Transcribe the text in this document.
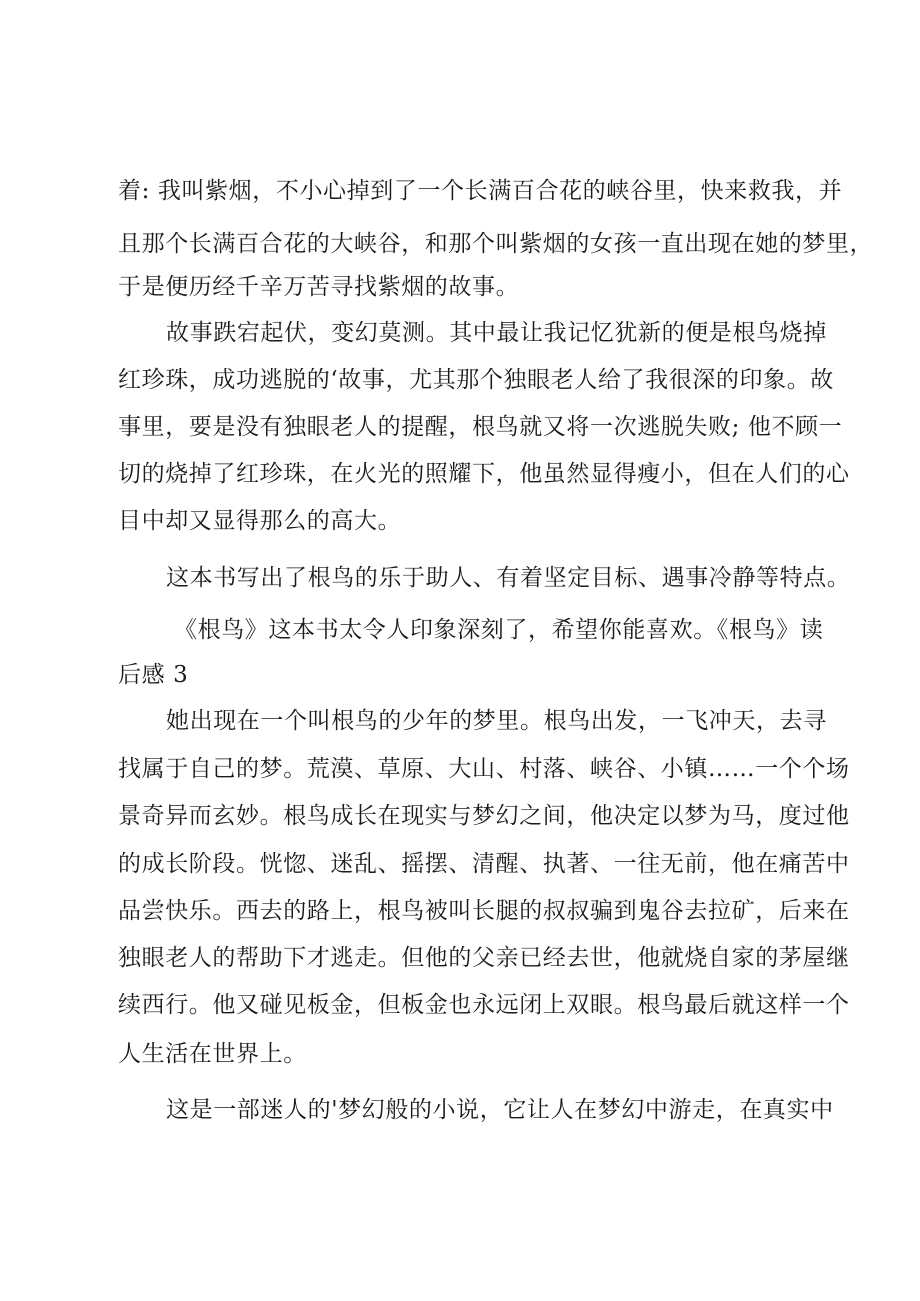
着: 我叫紫烟，不小心掉到了一个长满百合花的峡谷里，快来救我，并

且那个长满百合花的大峡谷，和那个叫紫烟的女孩一直出现在她的梦里，

于是便历经千辛万苦寻找紫烟的故事。

故事跌宕起伏，变幻莫测。其中最让我记忆犹新的便是根鸟烧掉

红珍珠，成功逃脱的‘故事，尤其那个独眼老人给了我很深的印象。故

事里，要是没有独眼老人的提醒，根鸟就又将一次逃脱失败; 他不顾一

切的烧掉了红珍珠，在火光的照耀下，他虽然显得瘦小，但在人们的心

目中却又显得那么的高大。

这本书写出了根鸟的乐于助人、有着坚定目标、遇事冷静等特点。

《根鸟》这本书太令人印象深刻了，希望你能喜欢。《根鸟》读

后感 3

她出现在一个叫根鸟的少年的梦里。根鸟出发，一飞冲天，去寻

找属于自己的梦。荒漠、草原、大山、村落、峡谷、小镇……一个个场

景奇异而玄妙。根鸟成长在现实与梦幻之间，他决定以梦为马，度过他

的成长阶段。恍惚、迷乱、摇摆、清醒、执著、一往无前，他在痛苦中

品尝快乐。西去的路上，根鸟被叫长腿的叔叔骗到鬼谷去拉矿，后来在

独眼老人的帮助下才逃走。但他的父亲已经去世，他就烧自家的茅屋继

续西行。他又碰见板金，但板金也永远闭上双眼。根鸟最后就这样一个

人生活在世界上。

这是一部迷人的'梦幻般的小说，它让人在梦幻中游走，在真实中
